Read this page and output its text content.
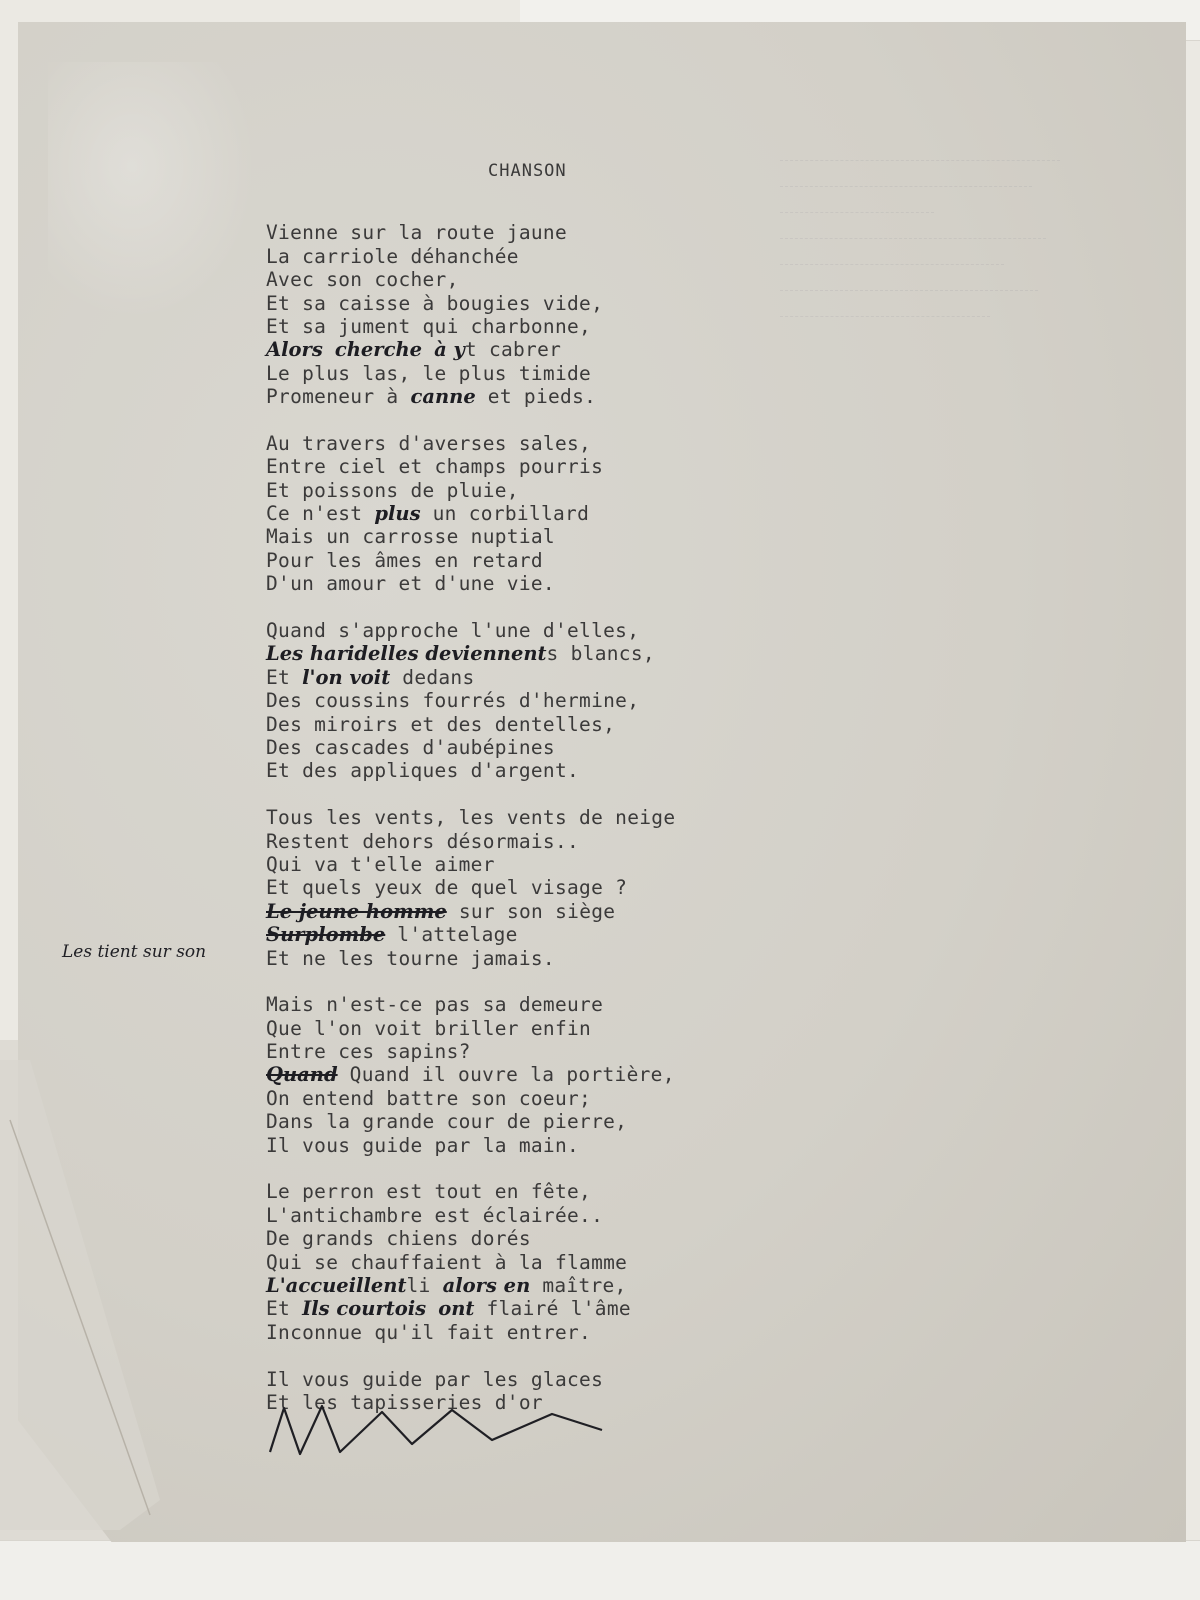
CHANSON
Vienne sur la route jaune
La carriole déhanchée
Avec son cocher,
Et sa caisse à bougies vide,
Et sa jument qui charbonne,
Alors cherche à yt cabrer
Le plus las, le plus timide
Promeneur à canne et pieds.
Au travers d'averses sales,
Entre ciel et champs pourris
Et poissons de pluie,
Ce n'est plus un corbillard
Mais un carrosse nuptial
Pour les âmes en retard
D'un amour et d'une vie.
Quand s'approche l'une d'elles,
Les haridelles deviennents blancs,
Et l'on voit dedans
Des coussins fourrés d'hermine,
Des miroirs et des dentelles,
Des cascades d'aubépines
Et des appliques d'argent.
Tous les vents, les vents de neige
Restent dehors désormais..
Qui va t'elle aimer
Et quels yeux de quel visage ?
Le jeune homme sur son siège
Surplombe l'attelage
Et ne les tourne jamais.
Mais n'est-ce pas sa demeure
Que l'on voit briller enfin
Entre ces sapins?
Quand Quand il ouvre la portière,
On entend battre son coeur;
Dans la grande cour de pierre,
Il vous guide par la main.
Le perron est tout en fête,
L'antichambre est éclairée..
De grands chiens dorés
Qui se chauffaient à la flamme
L'accueillentli alors en maître,
Et Ils courtois ont flairé l'âme
Inconnue qu'il fait entrer.
Il vous guide par les glaces
Et les tapisseries d'or
Les tient sur son
